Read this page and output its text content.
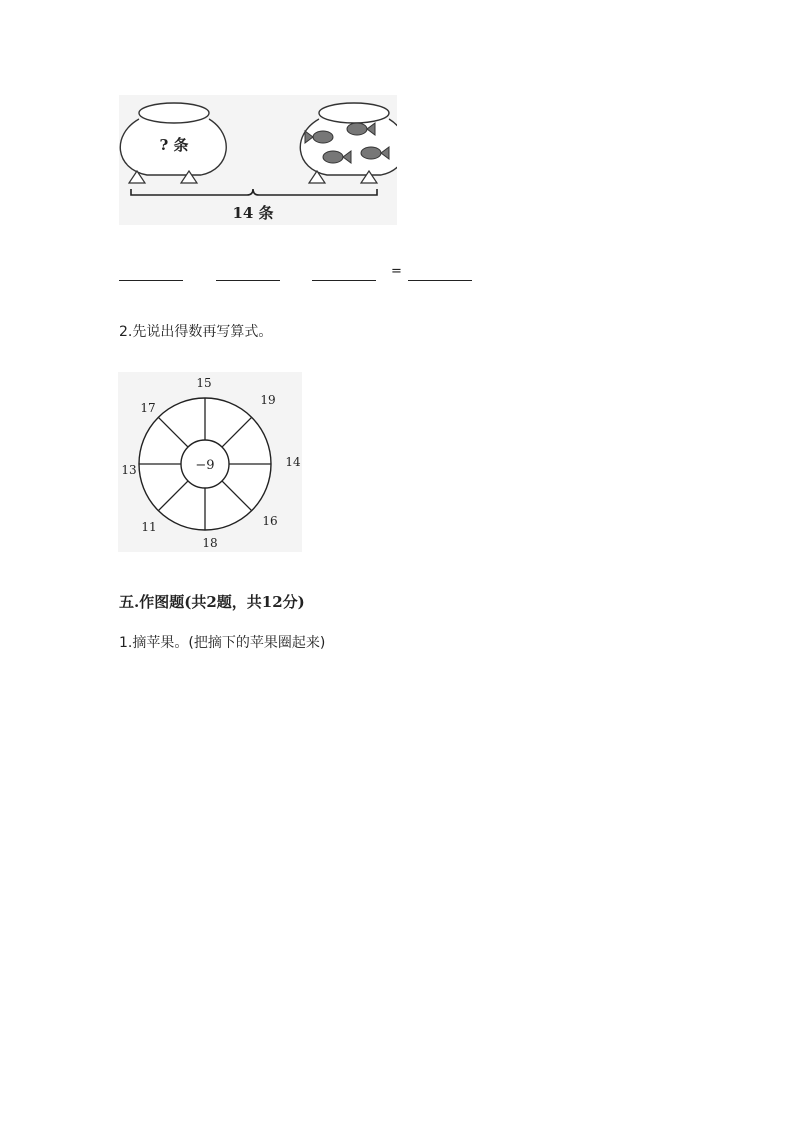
? 条
14 条
=
2.先说出得数再写算式。
−9
15
19
14
16
18
11
13
17
五.作图题(共2题，共12分)
1.摘苹果。(把摘下的苹果圈起来)
